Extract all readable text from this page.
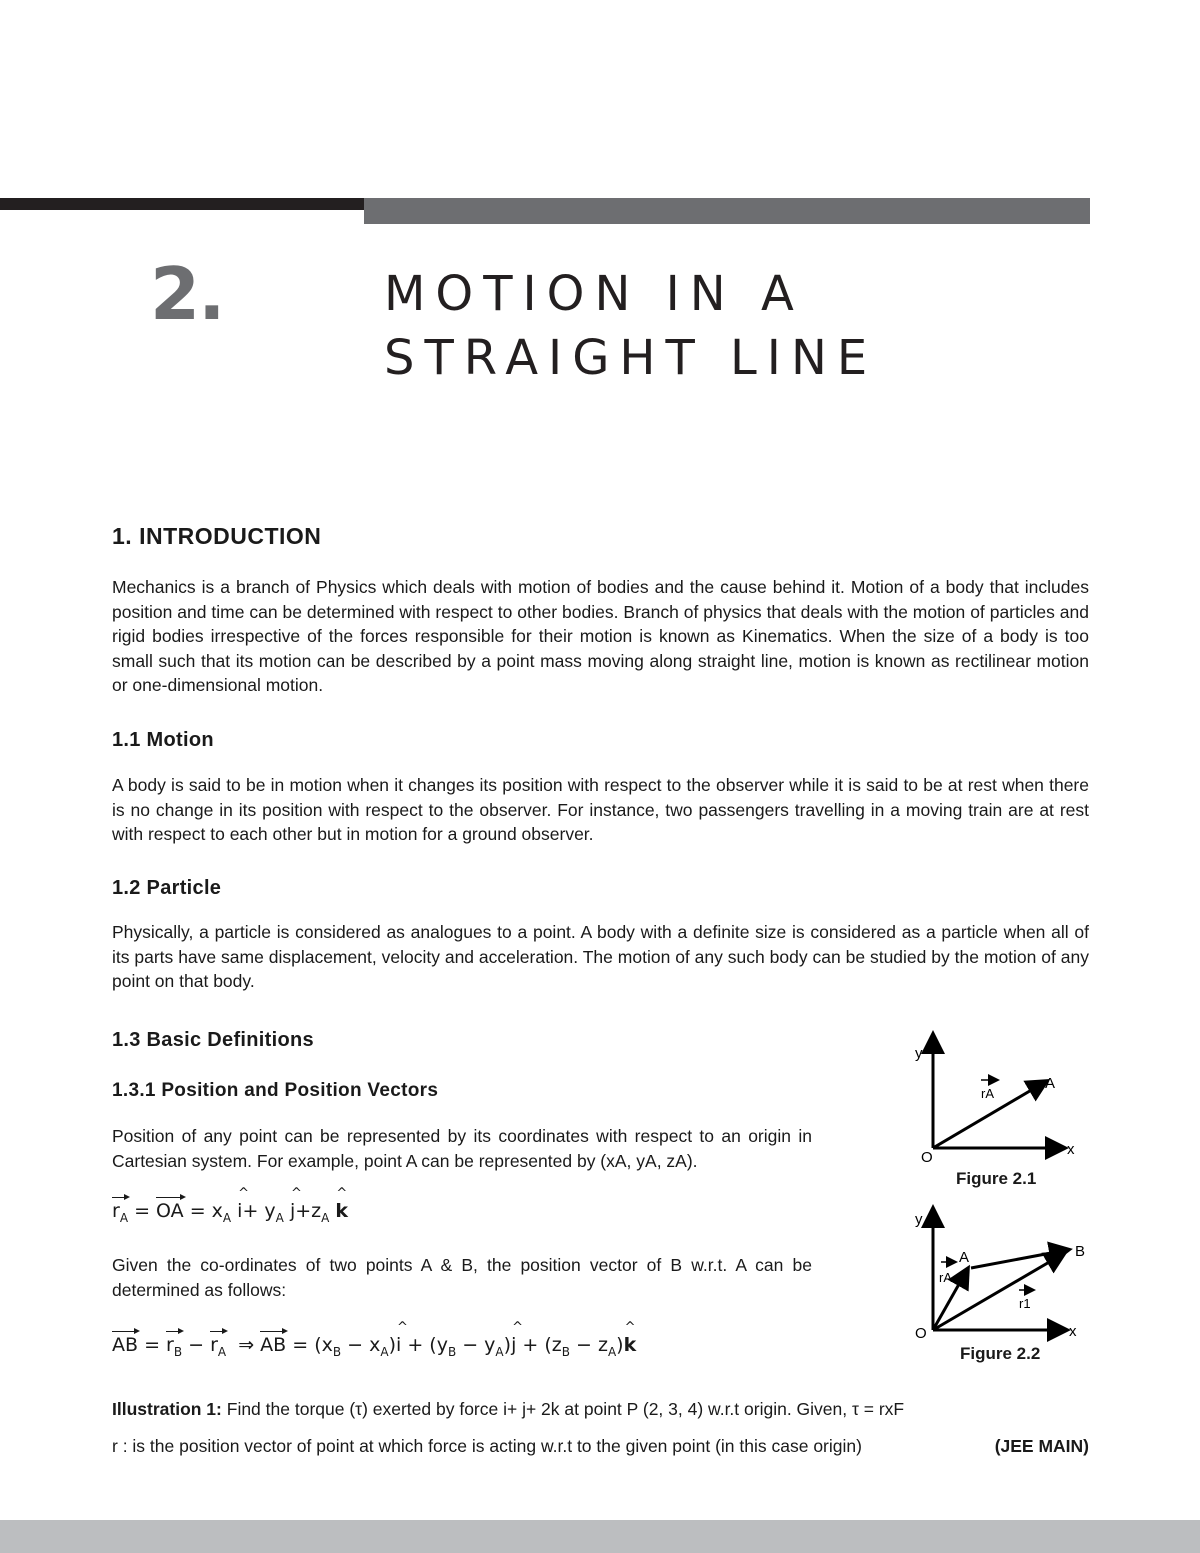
2.	MOTION IN A
STRAIGHT LINE
1. INTRODUCTION

Mechanics is a branch of Physics which deals with motion of bodies and the cause behind it. Motion of a body that includes position and time can be determined with respect to other bodies. Branch of physics that deals with the motion of particles and rigid bodies irrespective of the forces responsible for their motion is known as Kinematics. When the size of a body is too small such that its motion can be described by a point mass moving along straight line, motion is known as rectilinear motion or one-dimensional motion.

1.1 Motion

A body is said to be in motion when it changes its position with respect to the observer while it is said to be at rest when there is no change in its position with respect to the observer. For instance, two passengers travelling in a moving train are at rest with respect to each other but in motion for a ground observer.

1.2 Particle

Physically, a particle is considered as analogues to a point. A body with a definite size is considered as a particle when all of its parts have same displacement, velocity and acceleration. The motion of any such body can be studied by the motion of any point on that body.

1.3 Basic Definitions
1.3.1 Position and Position Vectors

Position of any point can be represented by its coordinates with respect to an origin in Cartesian system. For example, point A can be represented by (xA, yA, zA).

$r_A$ = OA = $x_A$ ^ $i+ y_A$ ^ $j+z_A$ ^ k

Given the co-ordinates of two points A & B, the position vector of B w.r.t. A can be determined as follows:

AB = $r_B - r_A$  ⇒ AB = ($x_B$ − $x_A)\^{}$ $i + (y_B$ − $y_A)\^{}$ $j + (z_B$ − $z_A)\^{}$ k
Illustration 1: Find the torque (τ) exerted by force i+ j+ 2k at point P (2, 3, 4) w.r.t origin. Given, τ = rxF
r : is the position vector of point at which force is acting w.r.t to the given point (in this case origin)	(JEE MAIN)
y
x
O
A
rA
Figure 2.1
y
x
O
A	B
rA
r1
Figure 2.2
